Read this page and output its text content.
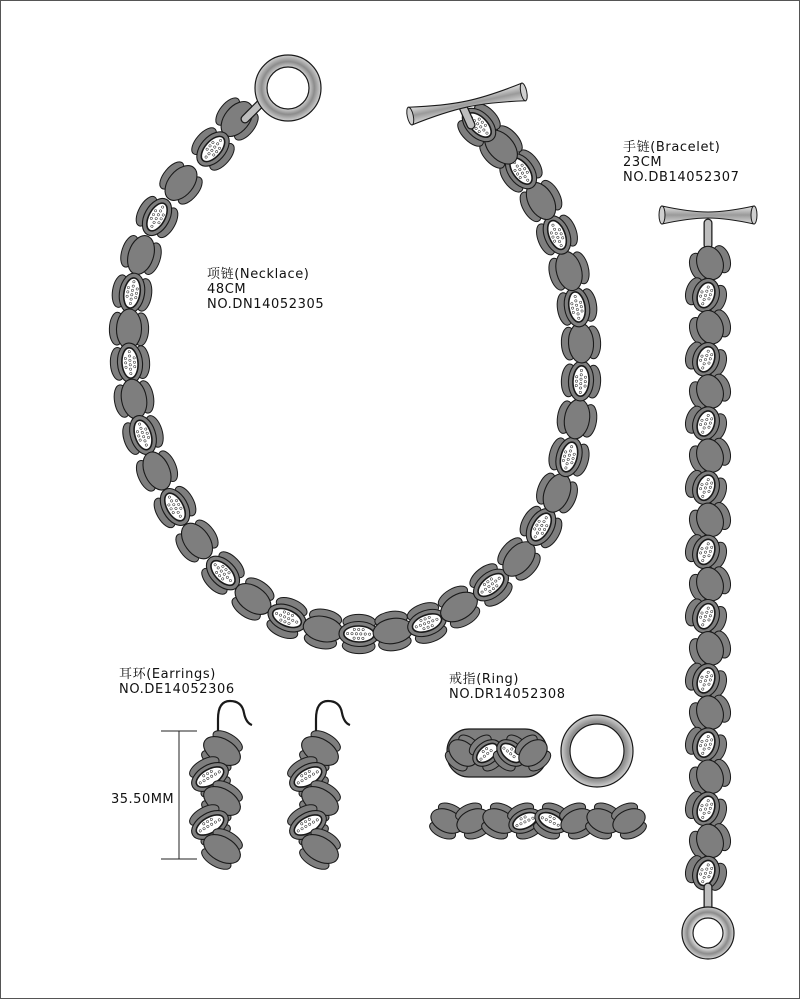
项链(Necklace)
48CM
NO.DN14052305
手链(Bracelet)
23CM
NO.DB14052307
耳环(Earrings)
NO.DE14052306
戒指(Ring)
NO.DR14052308
35.50MM
